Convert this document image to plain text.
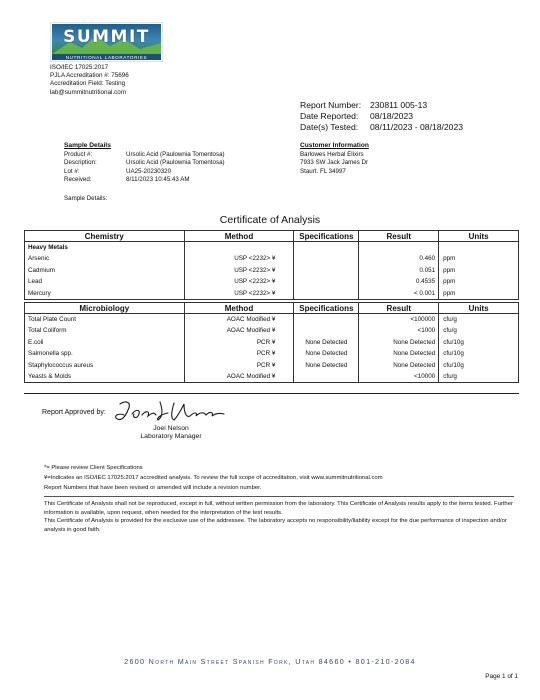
SUMMIT
NUTRITIONAL LABORATORIES
ISO/IEC 17025:2017
PJLA Accreditation #: 75696
Accreditation Field: Testing
lab@summitnutritional.com
Report Number:	230811 005-13
Date Reported:	08/18/2023
Date(s) Tested:	08/11/2023 - 08/18/2023
Sample Details
Product #:	Ursolic Acid (Paulownia Tomentosa)
Description:	Ursolic Acid (Paulownia Tomentosa)
Lot #:	UA25-20230320
Received:	8/11/2023 10:45:43 AM
Sample Details:
Customer Information
Barlowes Herbal Elixirs
7933 SW Jack James Dr
Staurt. FL 34997
Certificate of Analysis
Chemistry	Method	Specifications	Result	Units
Heavy Metals				
Arsenic	USP <2232> ¥		0.460	ppm
Cadmium	USP <2232> ¥		0.051	ppm
Lead	USP <2232> ¥		0.4535	ppm
Mercury	USP <2232> ¥		< 0.001	ppm
Microbiology	Method	Specifications	Result	Units
Total Plate Count	AOAC Modified ¥		<100000	cfu/g
Total Coliform	AOAC Modified ¥		<1000	cfu/g
E.coli	PCR ¥	None Detected	None Detected	cfu/10g
Salmonella spp.	PCR ¥	None Detected	None Detected	cfu/10g
Staphylococcus aureus	PCR ¥	None Detected	None Detected	cfu/10g
Yeasts & Molds	AOAC Modified ¥		<10000	cfu/g
Report Approved by:
Joel Nelson
Laboratory Manager
*= Please review Client Specifications
¥=Indicates an ISO/IEC 17025:2017 accredited analysis. To review the full scope of accreditation, visit www.summitnutritional.com
Report Numbers that have been revised or amended will include a revision number.
This Certificate of Analysis shall not be reproduced, except in full, without written permission from the laboratory. This Certificate of Analysis results apply to the items tested. Further information is available, upon request, when needed for the interpretation of the test results.
This Certificate of Analysis is provided for the exclusive use of the addressee. The laboratory accepts no responsibility/liability except for the due performance of inspection and/or analysis in good faith.
2600 North Main Street Spanish Fork, Utah 84660 • 801-210-2084
Page 1 of 1
